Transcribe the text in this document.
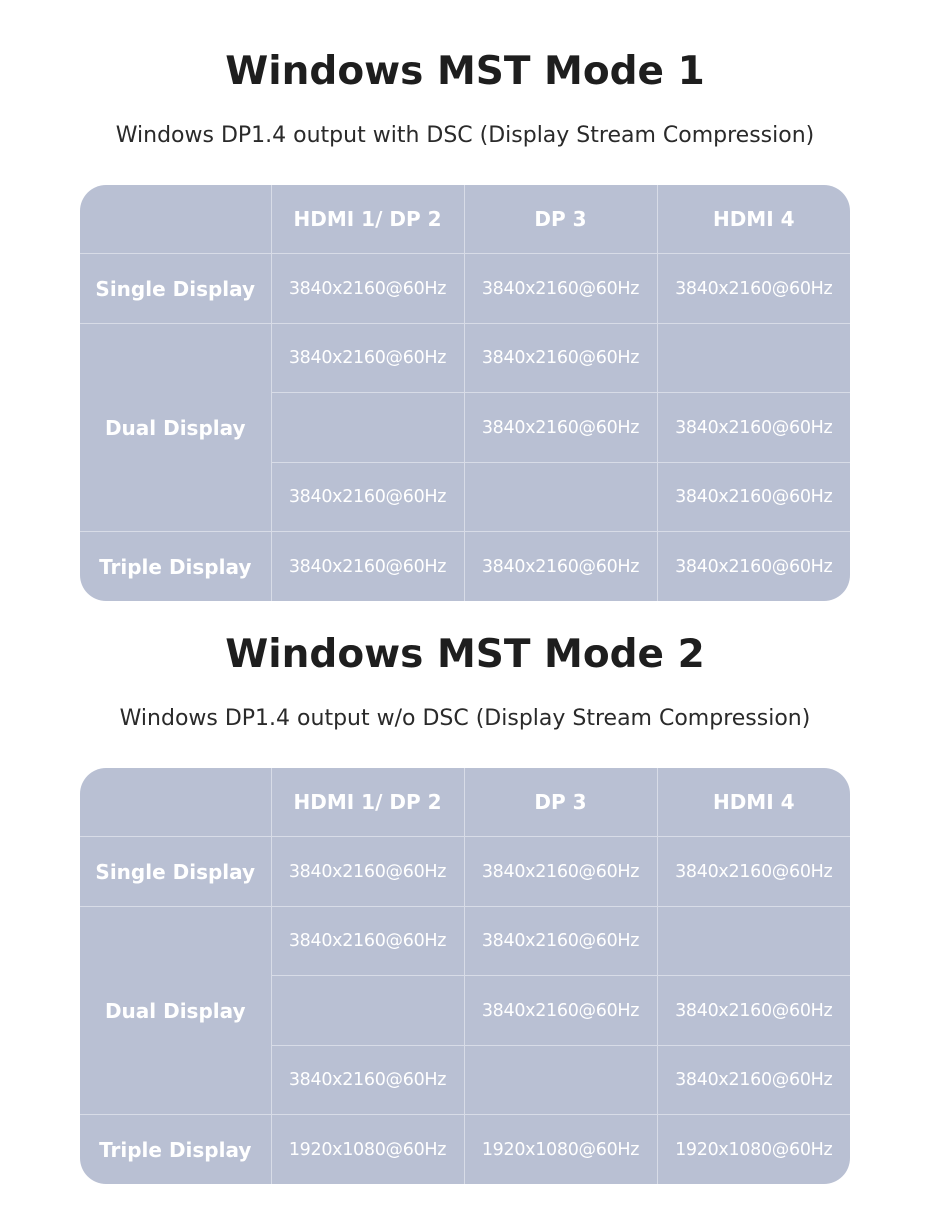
Windows MST Mode 1

Windows DP1.4 output with DSC (Display Stream Compression)

	HDMI 1/ DP 2	DP 3	HDMI 4
Single Display	3840x2160@60Hz	3840x2160@60Hz	3840x2160@60Hz
Dual Display	3840x2160@60Hz	3840x2160@60Hz	
		3840x2160@60Hz	3840x2160@60Hz
	3840x2160@60Hz		3840x2160@60Hz
Triple Display	3840x2160@60Hz	3840x2160@60Hz	3840x2160@60Hz
Windows MST Mode 2

Windows DP1.4 output w/o DSC (Display Stream Compression)

	HDMI 1/ DP 2	DP 3	HDMI 4
Single Display	3840x2160@60Hz	3840x2160@60Hz	3840x2160@60Hz
Dual Display	3840x2160@60Hz	3840x2160@60Hz	
		3840x2160@60Hz	3840x2160@60Hz
	3840x2160@60Hz		3840x2160@60Hz
Triple Display	1920x1080@60Hz	1920x1080@60Hz	1920x1080@60Hz
